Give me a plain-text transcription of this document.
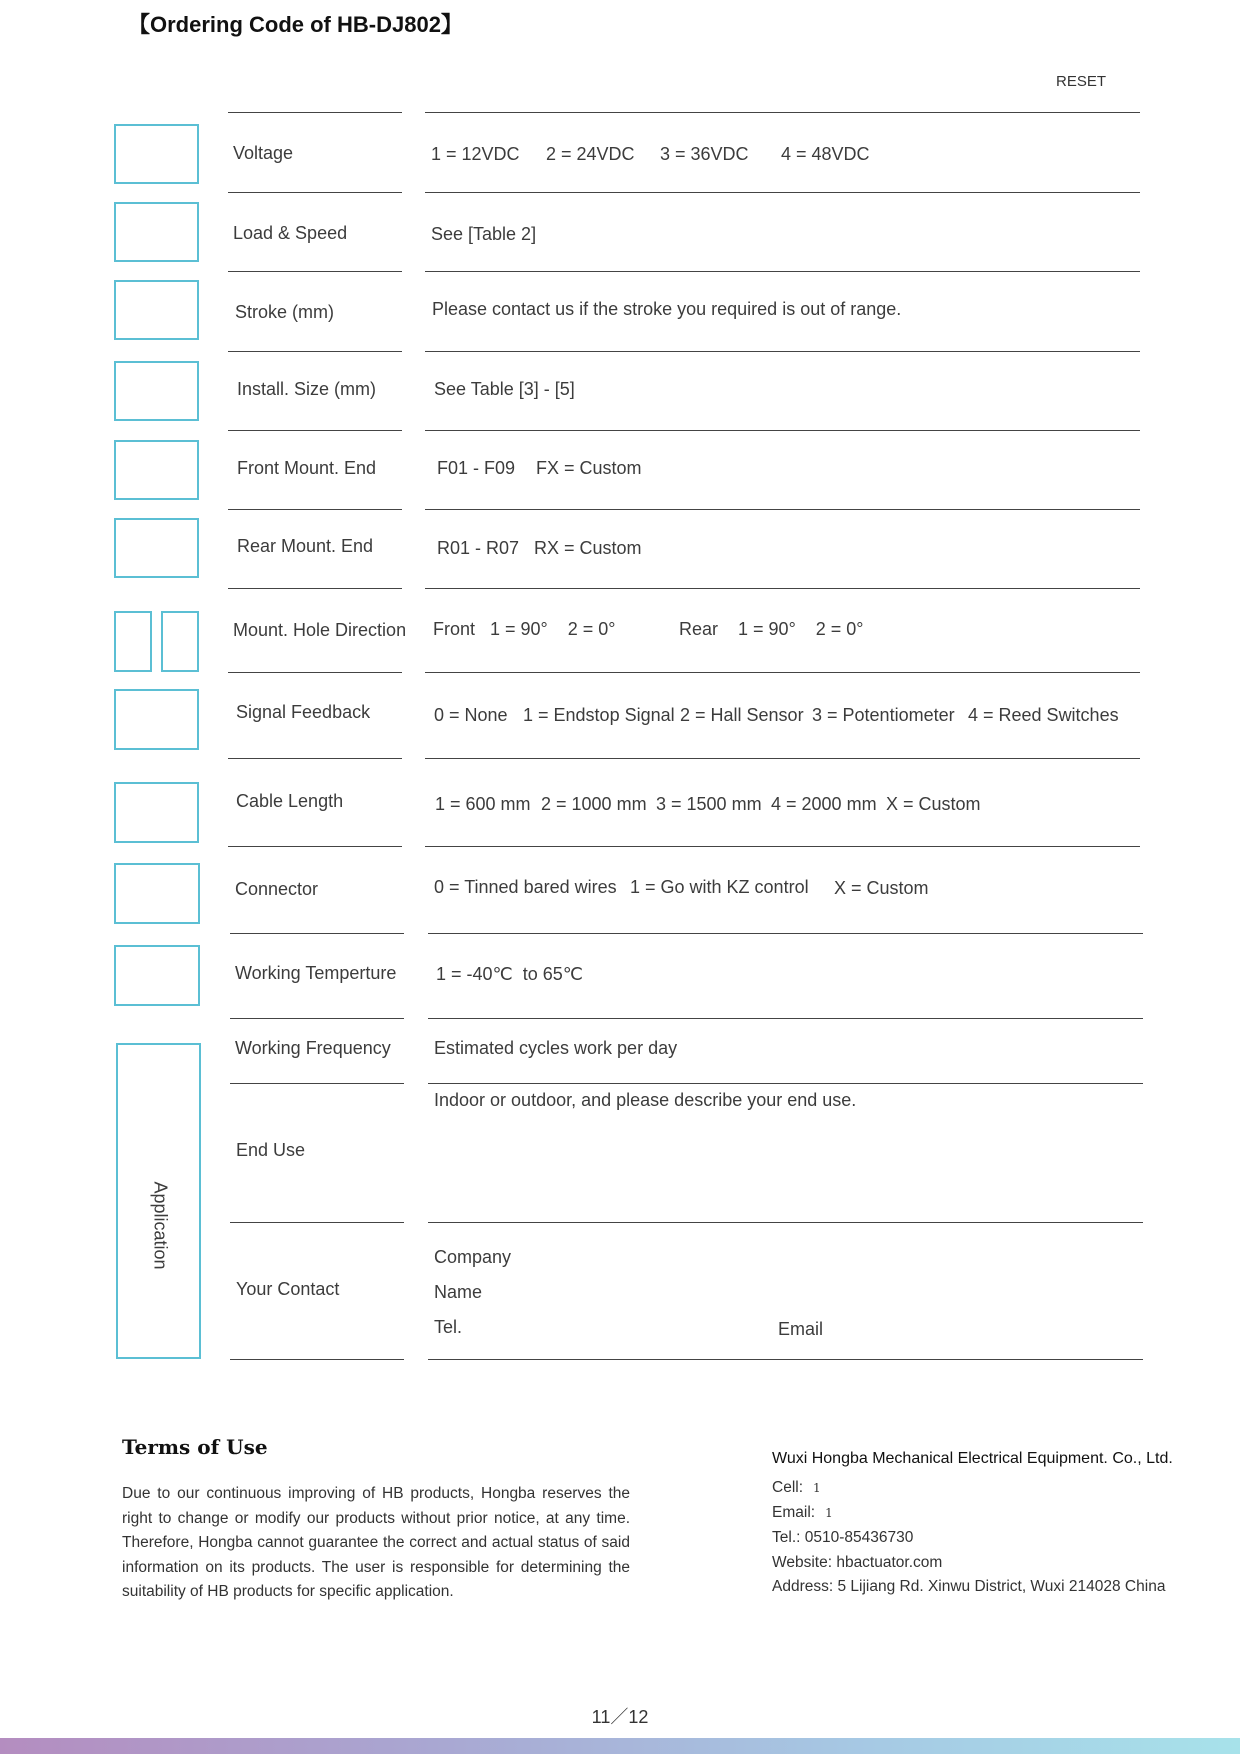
【Ordering Code of HB-DJ802】
RESET
Application
Voltage
Load & Speed
Stroke (mm)
Install. Size (mm)
Front Mount. End
Rear Mount. End
Mount. Hole Direction
Signal Feedback
Cable Length
Connector
Working Temperture
Working Frequency
End Use
Your Contact
1 = 12VDC 2 = 24VDC 3 = 36VDC 4 = 48VDC
See [Table 2]
Please contact us if the stroke you required is out of range.
See Table [3] - [5]
F01 - F09 FX = Custom
R01 - R07 RX = Custom
Front   1 = 90°    2 = 0°	Rear    1 = 90°    2 = 0°
0 = None 1 = Endstop Signal 2 = Hall Sensor 3 = Potentiometer 4 = Reed Switches
1 = 600 mm 2 = 1000 mm 3 = 1500 mm 4 = 2000 mm X = Custom
0 = Tinned bared wires 1 = Go with KZ control X = Custom
1 = -40℃  to 65℃
Estimated cycles work per day
Indoor or outdoor, and please describe your end use.
Company
Name
Tel.	Email
Terms of Use
Due to our continuous improving of HB products, Hongba reserves the right to change or modify our products without prior notice, at any time. Therefore, Hongba cannot guarantee the correct and actual status of said information on its products. The user is responsible for determining the suitability of HB products for specific application.
Wuxi Hongba Mechanical Electrical Equipment. Co., Ltd.
Cell: 1
Email: 1
Tel.: 0510-85436730
Website: hbactuator.com
Address: 5 Lijiang Rd. Xinwu District, Wuxi 214028 China
11／12
